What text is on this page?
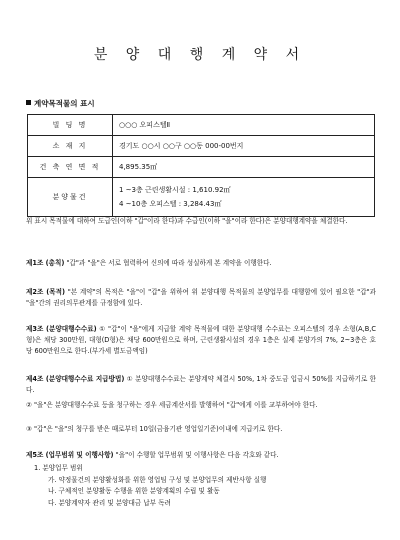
분 양 대 행 계 약 서
계약목적물의 표시
빌 딩 명	○○○ 오피스텔Ⅱ
소 재 지	경기도 ○○시 ○○구 ○○동 000-00번지
건 축 연 면 적	4,895.35㎡
분양물건	1 ~3층 근린생활시설 : 1,610.92㎡
4 ~10층 오피스텔 : 3,284.43㎡
위 표시 목적물에 대하여 도급인(이하 "갑"이라 한다)과 수급인(이하 "을"이라 한다)은 분양대행계약을 체결한다.
제1조 (총칙) "갑"과 "을"은 서로 협력하여 신의에 따라 성실하게 본 계약을 이행한다.
제2조 (목적) "본 계약"의 목적은 "을"이 "갑"을 위하여 위 분양대행 목적물의 분양업무를 대행함에 있어 필요한 "갑"과 "을"간의 권리의무관계를 규정함에 있다.
제3조 (분양대행수수료) ① "갑"이 "을"에게 지급할 계약 목적물에 대한 분양대행 수수료는 오피스텔의 경우 소형(A,B,C형)은 채당 300만원, 대형(D형)은 채당 600만원으로 하며, 근린생활시설의 경우 1층은 실제 분양가의 7%, 2~3층은 호당 600만원으로 한다.(부가세 별도금액임)
제4조 (분양대행수수료 지급방법) ① 분양대행수수료는 분양계약 체결시 50%, 1차 중도금 입금시 50%를 지급하기로 한다.
② "을"은 분양대행수수료 등을 청구하는 경우 세금계산서를 발행하여 "갑"에게 이를 교부하여야 한다.
③ "갑"은 "을"의 청구를 받은 때로부터 10일(금융기관 영업일기준)이내에 지급키로 한다.
제5조 (업무범위 및 이행사항) "을"이 수행할 업무범위 및 이행사항은 다음 각호와 같다.
1. 분양업무 범위
가. 약정물건의 분양활성화를 위한 영업팀 구성 및 분양업무의 제반사항 실행
나. 구체적인 분양활동 수행을 위한 분양계획의 수립 및 활동
다. 분양계약자 관리 및 분양대금 납부 독려
